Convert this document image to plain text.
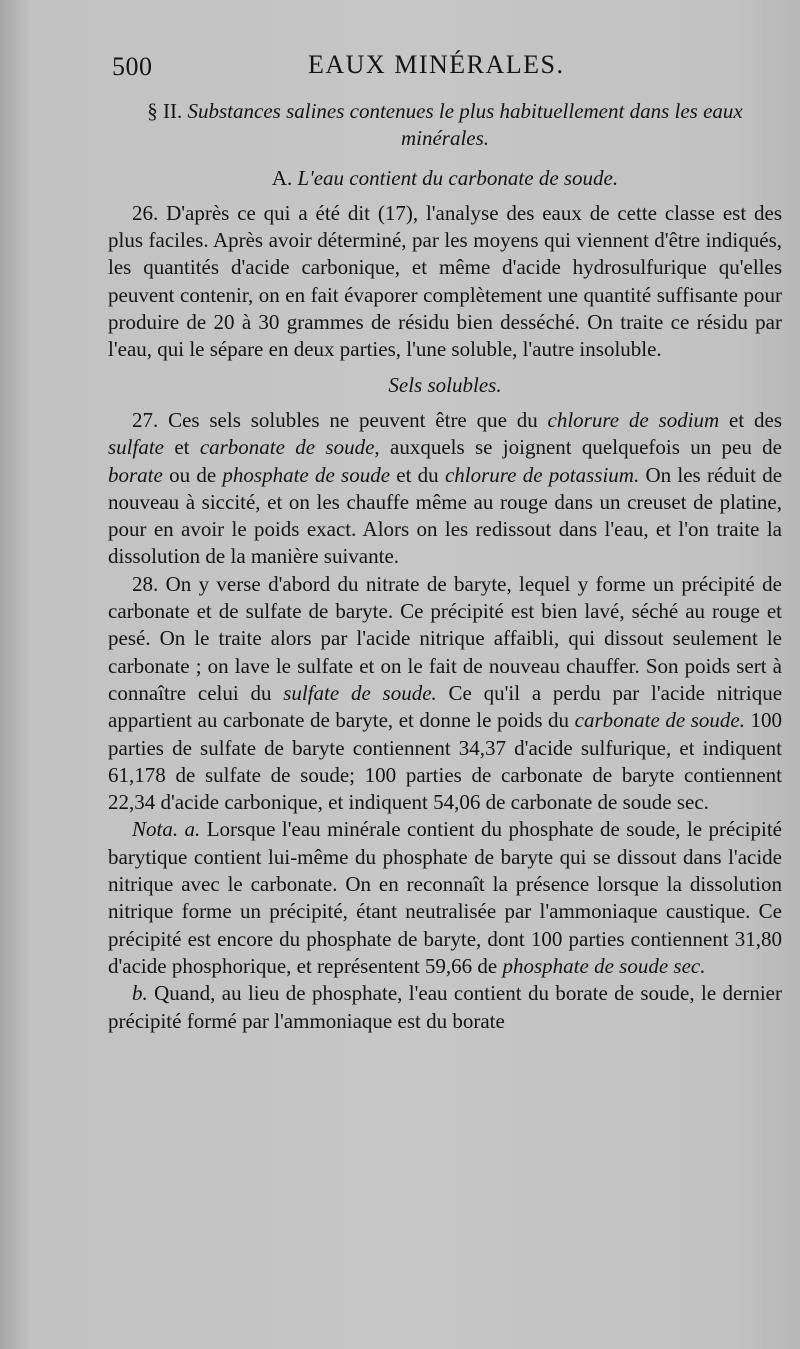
500	EAUX MINÉRALES.

§ II. Substances salines contenues le plus habituellement dans les eaux minérales.

A. L'eau contient du carbonate de soude.

26. D'après ce qui a été dit (17), l'analyse des eaux de cette classe est des plus faciles. Après avoir déterminé, par les moyens qui viennent d'être indiqués, les quantités d'acide carbonique, et même d'acide hydrosulfurique qu'elles peuvent contenir, on en fait évaporer complètement une quantité suffisante pour produire de 20 à 30 grammes de résidu bien desséché. On traite ce résidu par l'eau, qui le sépare en deux parties, l'une soluble, l'autre insoluble.

Sels solubles.

27. Ces sels solubles ne peuvent être que du chlorure de sodium et des sulfate et carbonate de soude, auxquels se joignent quelquefois un peu de borate ou de phosphate de soude et du chlorure de potassium. On les réduit de nouveau à siccité, et on les chauffe même au rouge dans un creuset de platine, pour en avoir le poids exact. Alors on les redissout dans l'eau, et l'on traite la dissolution de la manière suivante.

28. On y verse d'abord du nitrate de baryte, lequel y forme un précipité de carbonate et de sulfate de baryte. Ce précipité est bien lavé, séché au rouge et pesé. On le traite alors par l'acide nitrique affaibli, qui dissout seulement le carbonate ; on lave le sulfate et on le fait de nouveau chauffer. Son poids sert à connaître celui du sulfate de soude. Ce qu'il a perdu par l'acide nitrique appartient au carbonate de baryte, et donne le poids du carbonate de soude. 100 parties de sulfate de baryte contiennent 34,37 d'acide sulfurique, et indiquent 61,178 de sulfate de soude; 100 parties de carbonate de baryte contiennent 22,34 d'acide carbonique, et indiquent 54,06 de carbonate de soude sec.

Nota. a. Lorsque l'eau minérale contient du phosphate de soude, le précipité barytique contient lui-même du phosphate de baryte qui se dissout dans l'acide nitrique avec le carbonate. On en reconnaît la présence lorsque la dissolution nitrique forme un précipité, étant neutralisée par l'ammoniaque caustique. Ce précipité est encore du phosphate de baryte, dont 100 parties contiennent 31,80 d'acide phosphorique, et représentent 59,66 de phosphate de soude sec.

b. Quand, au lieu de phosphate, l'eau contient du borate de soude, le dernier précipité formé par l'ammoniaque est du borate
